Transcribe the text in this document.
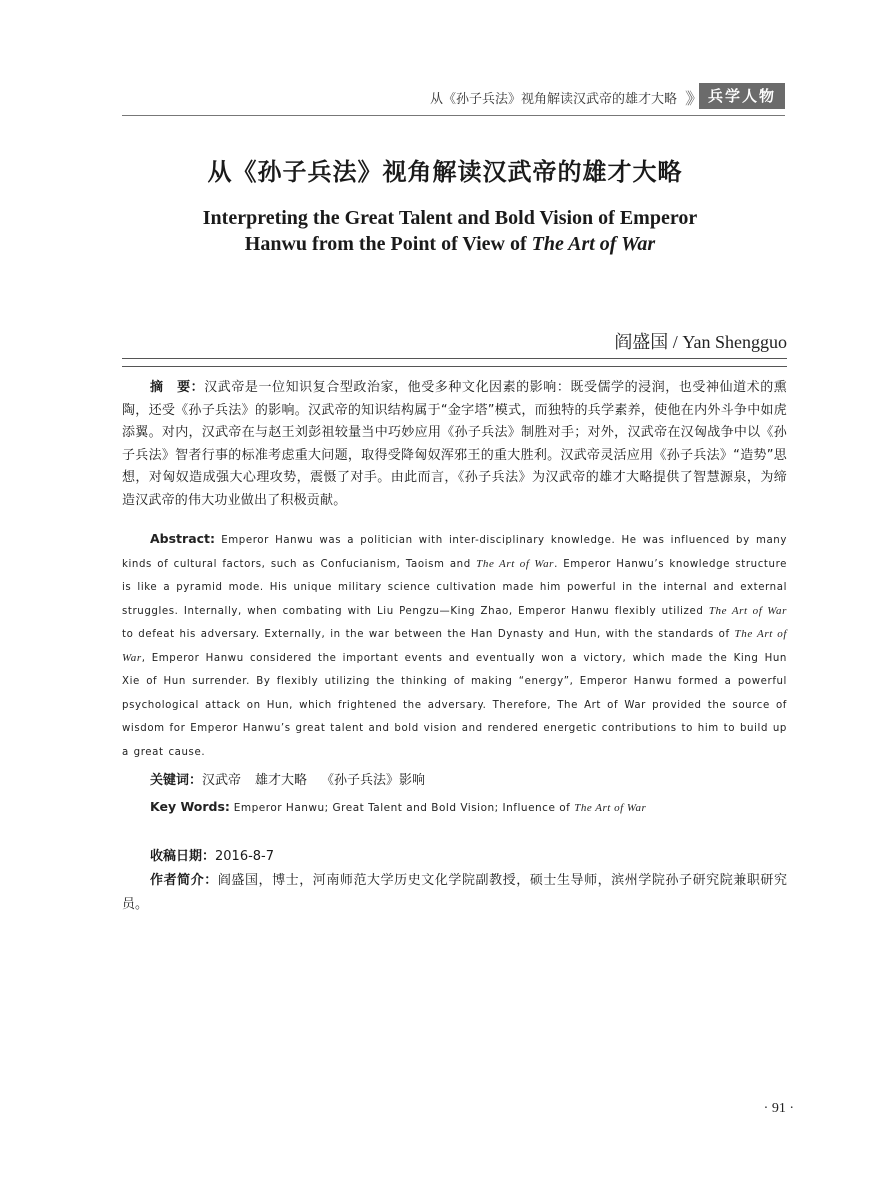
从《孙子兵法》视角解读汉武帝的雄才大略 》》 兵学人物
从《孙子兵法》视角解读汉武帝的雄才大略
Interpreting the Great Talent and Bold Vision of Emperor
Hanwu from the Point of View of The Art of War
阎盛国 / Yan Shengguo
摘　要：汉武帝是一位知识复合型政治家，他受多种文化因素的影响：既受儒学的浸润，也受神仙道术的熏陶，还受《孙子兵法》的影响。汉武帝的知识结构属于“金字塔”模式，而独特的兵学素养，使他在内外斗争中如虎添翼。对内，汉武帝在与赵王刘彭祖较量当中巧妙应用《孙子兵法》制胜对手；对外，汉武帝在汉匈战争中以《孙子兵法》智者行事的标准考虑重大问题，取得受降匈奴浑邪王的重大胜利。汉武帝灵活应用《孙子兵法》“造势”思想，对匈奴造成强大心理攻势，震慑了对手。由此而言，《孙子兵法》为汉武帝的雄才大略提供了智慧源泉，为缔造汉武帝的伟大功业做出了积极贡献。
Abstract: Emperor Hanwu was a politician with inter-disciplinary knowledge. He was influenced by many kinds of cultural factors, such as Confucianism, Taoism and The Art of War. Emperor Hanwu’s knowledge structure is like a pyramid mode. His unique military science cultivation made him powerful in the internal and external struggles. Internally, when combating with Liu Pengzu—King Zhao, Emperor Hanwu flexibly utilized The Art of War to defeat his adversary. Externally, in the war between the Han Dynasty and Hun, with the standards of The Art of War, Emperor Hanwu considered the important events and eventually won a victory, which made the King Hun Xie of Hun surrender. By flexibly utilizing the thinking of making “energy”, Emperor Hanwu formed a powerful psychological attack on Hun, which frightened the adversary. Therefore, The Art of War provided the source of wisdom for Emperor Hanwu’s great talent and bold vision and rendered energetic contributions to him to build up a great cause.
关键词：汉武帝 雄才大略 《孙子兵法》影响
Key Words: Emperor Hanwu; Great Talent and Bold Vision; Influence of The Art of War
收稿日期：2016-8-7
作者简介：阎盛国，博士，河南师范大学历史文化学院副教授，硕士生导师，滨州学院孙子研究院兼职研究员。
· 91 ·
